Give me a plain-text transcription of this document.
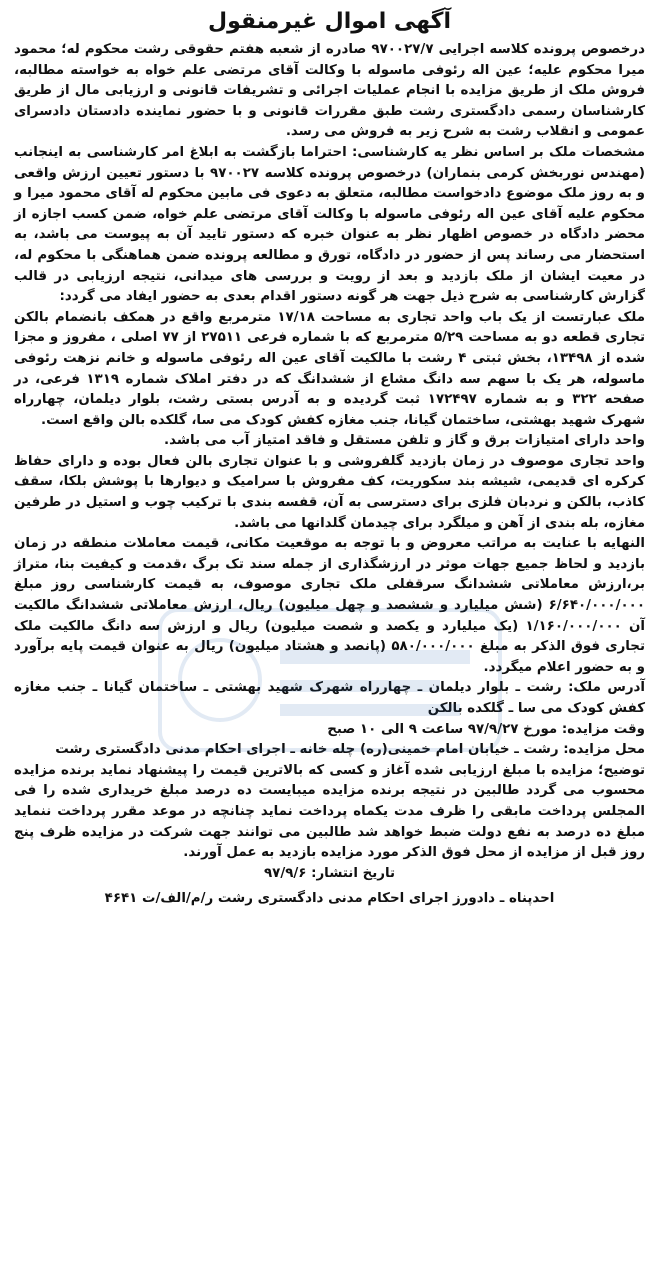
آگهی اموال غیرمنقول

درخصوص پرونده کلاسه اجرایی ۹۷۰۰۲۷/۷ صادره از شعبه هفتم حقوقی رشت محکوم له؛ محمود میرا محکوم علیه؛ عین اله رئوفی ماسوله با وکالت آقای مرتضی علم خواه به خواسته مطالبه، فروش ملک از طریق مزایده با انجام عملیات اجرائی و تشریفات قانونی و ارزیابی مال از طریق کارشناسان رسمی دادگستری رشت طبق مقررات قانونی و با حضور نماینده دادستان دادسرای عمومی و انقلاب رشت به شرح زیر به فروش می رسد.

مشخصات ملک بر اساس نظر یه کارشناسی: احتراما بازگشت به ابلاغ امر کارشناسی به اینجانب (مهندس نوربخش کرمی بنماران) درخصوص پرونده کلاسه ۹۷۰۰۲۷ با دستور تعیین ارزش واقعی و به روز ملک موضوع دادخواست مطالبه، متعلق به دعوی فی مابین محکوم له آقای محمود میرا و محکوم علیه آقای عین اله رئوفی ماسوله با وکالت آقای مرتضی علم خواه، ضمن کسب اجازه از محضر دادگاه در خصوص اظهار نظر به عنوان خبره که دستور تایید آن به پیوست می باشد، به استحضار می رساند پس از حضور در دادگاه، تورق و مطالعه پرونده ضمن هماهنگی با محکوم له، در معیت ایشان از ملک بازدید و بعد از رویت و بررسی های میدانی، نتیجه ارزیابی در قالب گزارش کارشناسی به شرح ذیل جهت هر گونه دستور اقدام بعدی به حضور ایفاد می گردد:

ملک عبارتست از یک باب واحد تجاری به مساحت ۱۷/۱۸ مترمربع واقع در همکف بانضمام بالکن تجاری قطعه دو به مساحت ۵/۲۹ مترمربع که با شماره فرعی ۲۷۵۱۱ از ۷۷ اصلی ، مفروز و مجزا شده از ۱۳۴۹۸، بخش ثبتی ۴ رشت با مالکیت آقای عین اله رئوفی ماسوله و خانم نزهت رئوفی ماسوله، هر یک با سهم سه دانگ مشاع از ششدانگ که در دفتر املاک شماره ۱۳۱۹ فرعی، در صفحه ۳۲۲ و به شماره ۱۷۲۴۹۷ ثبت گردیده و به آدرس بستی رشت، بلوار دیلمان، چهارراه شهرک شهید بهشتی، ساختمان گیانا، جنب مغازه کفش کودک می سا، گلکده بالن واقع است.

واحد دارای امتیازات برق و گاز و تلفن مستقل و فاقد امتیاز آب می باشد.

واحد تجاری موصوف در زمان بازدید گلفروشی و با عنوان تجاری بالن فعال بوده و دارای حفاظ کرکره ای قدیمی، شیشه بند سکوریت، کف مفروش با سرامیک و دیوارها با پوشش بلکا، سقف کاذب، بالکن و نردبان فلزی برای دسترسی به آن، قفسه بندی با ترکیب چوب و استیل در طرفین مغازه، بله بندی از آهن و میلگرد برای چیدمان گلدانها می باشد.

النهایه با عنایت به مراتب معروض و با توجه به موقعیت مکانی، قیمت معاملات منطقه در زمان بازدید و لحاظ جمیع جهات موثر در ارزشگذاری از جمله سند تک برگ ،قدمت و کیفیت بنا، متراژ بر،ارزش معاملاتی ششدانگ سرقفلی ملک تجاری موصوف، به قیمت کارشناسی روز مبلغ ۶/۶۴۰/۰۰۰/۰۰۰ (شش میلیارد و ششصد و چهل میلیون) ریال، ارزش معاملاتی ششدانگ مالکیت آن ۱/۱۶۰/۰۰۰/۰۰۰ (یک میلیارد و یکصد و شصت میلیون) ریال و ارزش سه دانگ مالکیت ملک تجاری فوق الذکر به مبلغ ۵۸۰/۰۰۰/۰۰۰ (پانصد و هشتاد میلیون) ریال به عنوان قیمت پایه برآورد و به حضور اعلام میگردد.

آدرس ملک: رشت ـ بلوار دیلمان ـ چهارراه شهرک شهید بهشتی ـ ساختمان گیانا ـ جنب مغازه کفش کودک می سا ـ گلکده بالکن

وقت مزایده: مورخ ۹۷/۹/۲۷ ساعت ۹ الی ۱۰ صبح

محل مزایده: رشت ـ خیابان امام خمینی(ره) چله خانه ـ اجرای احکام مدنی دادگستری رشت

توضیح؛ مزایده با مبلغ ارزیابی شده آغاز و کسی که بالاترین قیمت را پیشنهاد نماید برنده مزایده محسوب می گردد طالبین در نتیجه برنده مزایده میبایست ده درصد مبلغ خریداری شده را فی المجلس پرداخت مابقی را ظرف مدت یکماه پرداخت نماید چنانچه در موعد مقرر پرداخت ننماید مبلغ ده درصد به نفع دولت ضبط خواهد شد طالبین می توانند جهت شرکت در مزایده ظرف پنج روز قبل از مزایده از محل فوق الذکر مورد مزایده بازدید به عمل آورند.

تاریخ انتشار: ۹۷/۹/۶

احدپناه ـ دادورز اجرای احکام مدنی دادگستری رشت ر/م/الف/ت ۴۶۴۱
